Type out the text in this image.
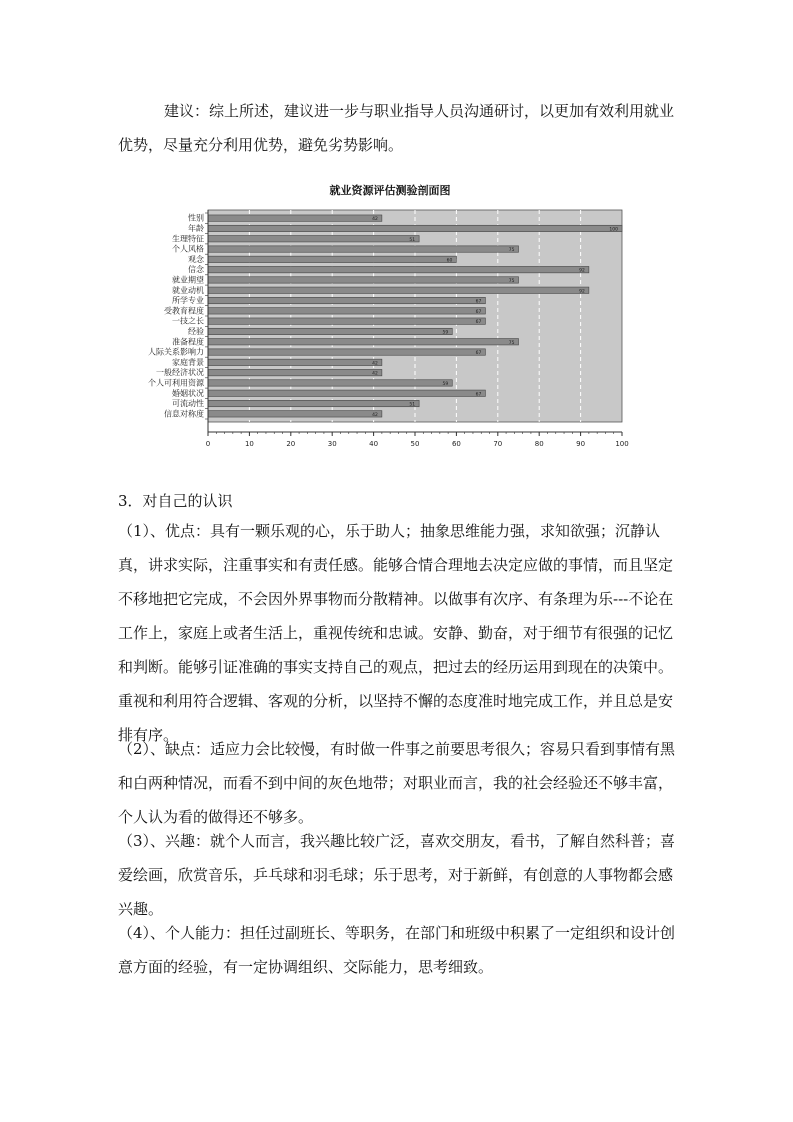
建议：综上所述，建议进一步与职业指导人员沟通研讨，以更加有效利用就业优势，尽量充分利用优势，避免劣势影响。

就业资源评估测验剖面图
42
性别
100
年龄
51
生理特征
75
个人风格
60
观念
92
信念
75
就业期望
92
就业动机
67
所学专业
67
受教育程度
67
一技之长
59
经验
75
准备程度
67
人际关系影响力
42
家庭背景
42
一般经济状况
59
个人可利用资源
67
婚姻状况
51
可流动性
42
信息对称度
0	10	20	30	40	50	60	70	80	90	100

3．对自己的认识

（1）、优点：具有一颗乐观的心，乐于助人；抽象思维能力强，求知欲强；沉静认真，讲求实际，注重事实和有责任感。能够合情合理地去决定应做的事情，而且坚定不移地把它完成，不会因外界事物而分散精神。以做事有次序、有条理为乐---不论在工作上，家庭上或者生活上，重视传统和忠诚。安静、勤奋，对于细节有很强的记忆和判断。能够引证准确的事实支持自己的观点，把过去的经历运用到现在的决策中。重视和利用符合逻辑、客观的分析，以坚持不懈的态度准时地完成工作，并且总是安排有序。

（2）、缺点：适应力会比较慢，有时做一件事之前要思考很久；容易只看到事情有黑和白两种情况，而看不到中间的灰色地带；对职业而言，我的社会经验还不够丰富，个人认为看的做得还不够多。

（3）、兴趣：就个人而言，我兴趣比较广泛，喜欢交朋友，看书，了解自然科普；喜爱绘画，欣赏音乐，乒乓球和羽毛球；乐于思考，对于新鲜，有创意的人事物都会感兴趣。

（4）、个人能力：担任过副班长、等职务，在部门和班级中积累了一定组织和设计创意方面的经验，有一定协调组织、交际能力，思考细致。
